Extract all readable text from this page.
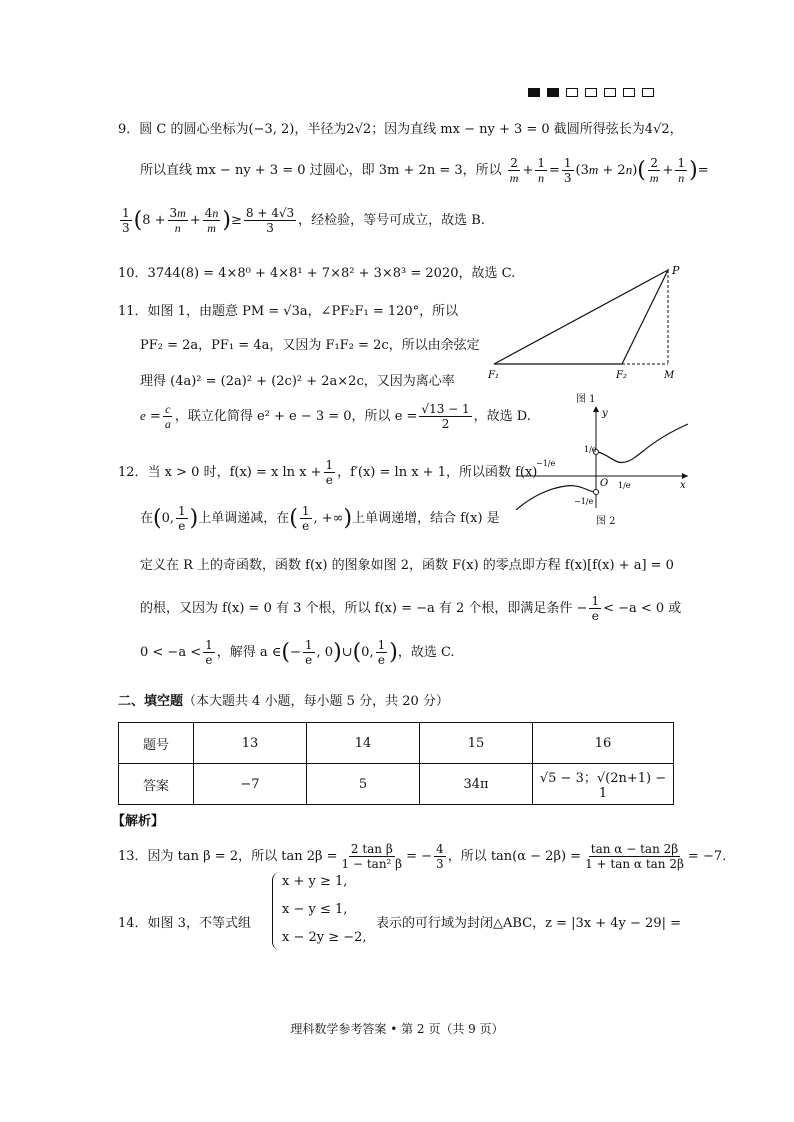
9．圆 C 的圆心坐标为(−3, 2)，半径为2√2；因为直线 mx − ny + 3 = 0 截圆所得弦长为4√2，
所以直线 mx − ny + 3 = 0 过圆心，即 3m + 2n = 3，所以 $\frac{2}{m} + \frac{1}{n} = \frac{1}{3} (3m + 2n)( \frac{2}{m} + \frac{1}{n}$ )=
$\frac{1}{3} (8 + \frac{3m}{n} + \frac{4n}{m}$ )≥ $\frac{8 + 4√3}{3}$ ，经检验，等号可成立，故选 B.
10．3744(8) = 4×8⁰ + 4×8¹ + 7×8² + 3×8³ = 2020，故选 C.
11．如图 1，由题意 PM = √3a，∠PF₂F₁ = 120°，所以
PF₂ = 2a，PF₁ = 4a，又因为 F₁F₂ = 2c，所以由余弦定
理得 (4a)² = (2a)² + (2c)² + 2a×2c，又因为离心率
$e = \frac{c}{a}$ ，联立化简得 e² + e − 3 = 0，所以 $e = \frac{√13 - 1}{2}$ ，故选 D.
P
F₁	F₂	M
图 1
y
x
O
1/e
−1/e
−1/e
1/e
图 2
12．当 x > 0 时，f(x) = x $\ln x + \frac{1}{e}$ ，f′(x) = ln x + 1，所以函数 f(x)
在(0, $\frac{1}{e}$ )上单调递减，在( $\frac{1}{e}$ , +∞)上单调递增，结合 f(x) 是
定义在 R 上的奇函数，函数 f(x) 的图象如图 2，函数 F(x) 的零点即方程 f(x)[f(x) + a] = 0
的根，又因为 f(x) = 0 有 3 个根，所以 f(x) = −a 有 2 个根，即满足条件 − $\frac{1}{e} < -a < 0$ 或
$0 < -a < \frac{1}{e}$ ，解得 a ∈(− $\frac{1}{e}$ , 0)∪(0, $\frac{1}{e}$ )，故选 C.
二、填空题（本大题共 4 小题，每小题 5 分，共 20 分）
题号	13	14	15	16
答案	−7	5	34π	√5 − 3；√(2n+1) − 1
【解析】
13．因为 tan β = 2，所以 $\tan 2\beta = \frac{\text{2 tan β}}{\text{1 − tan² β}}$ = − $\frac{4}{3}$ ，所以 $\tan(\alpha - 2\beta) = \frac{\text{tan α − tan 2β}}{\text{1 + tan α tan 2β}} = -7$.
14．如图 3，不等式组
x + y ≥ 1,
x − y ≤ 1,
x − 2y ≥ −2,
表示的可行域为封闭△ABC，z = |3x + 4y − 29| =
理科数学参考答案 • 第 2 页（共 9 页）
